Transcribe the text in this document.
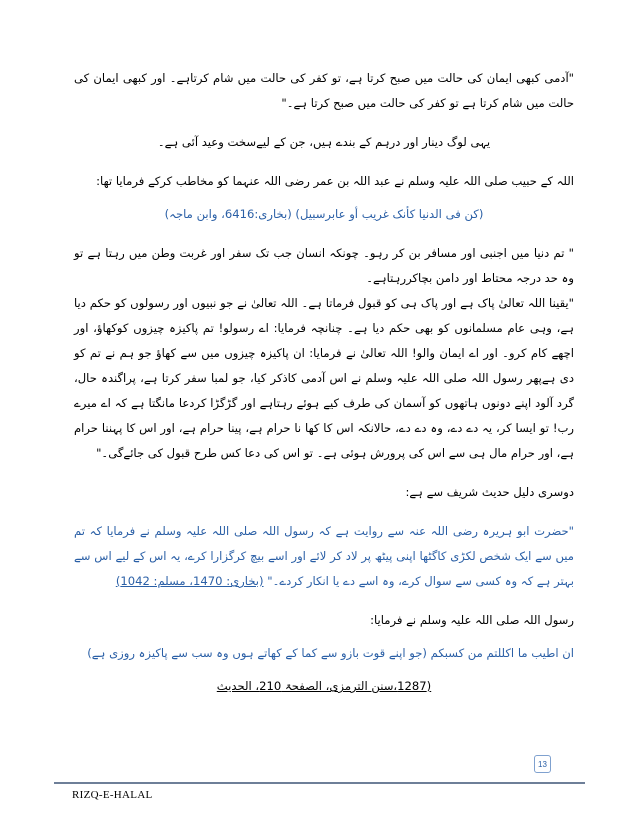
"آدمی کبھی ایمان کی حالت میں صبح کرتا ہے، تو کفر کی حالت میں شام کرتاہے۔ اور کبھی ایمان کی حالت میں شام کرتا ہے تو کفر کی حالت میں صبح کرتا ہے۔"

یہی لوگ دینار اور درہم کے بندے ہیں، جن کے لیےسخت وعید آئی ہے۔

اللہ کے حبیب صلی اللہ علیہ وسلم نے عبد اللہ بن عمر رضی اللہ عنہما کو مخاطب کرکے فرمایا تھا:

(کن فی الدنیا کأنک غریب أو عابرسبیل) (بخاری:6416، وابن ماجہ)

" تم دنیا میں اجنبی اور مسافر بن کر رہو۔ چونکہ انسان جب تک سفر اور غربت وطن میں رہتا ہے تو وہ حد درجہ محتاط اور دامن بچاکررہتاہے۔

"یقینا اللہ تعالیٰ پاک ہے اور پاک ہی کو قبول فرماتا ہے۔ اللہ تعالیٰ نے جو نبیوں اور رسولوں کو حکم دیا ہے، وہی عام مسلمانوں کو بھی حکم دیا ہے۔ چنانچہ فرمایا: اے رسولو! تم پاکیزہ چیزوں کوکھاؤ، اور اچھے کام کرو۔ اور اے ایمان والو! اللہ تعالیٰ نے فرمایا: ان پاکیزہ چیزوں میں سے کھاؤ جو ہم نے تم کو دی ہےپھر رسول اللہ صلی اللہ علیہ وسلم نے اس آدمی کاذکر کیا، جو لمبا سفر کرتا ہے، پراگندہ حال، گرد آلود اپنے دونوں ہاتھوں کو آسمان کی طرف کیے ہوئے رہتاہے اور گڑگڑا کردعا مانگتا ہے کہ اے میرے رب! تو ایسا کر، یہ دے دے، وہ دے دے، حالانکہ اس کا کھا نا حرام ہے، پینا حرام ہے، اور اس کا پہننا حرام ہے، اور حرام مال ہی سے اس کی پرورش ہوئی ہے۔ تو اس کی دعا کس طرح قبول کی جائےگی۔"

دوسری دلیل حدیث شریف سے ہے:

"حضرت ابو ہریرہ رضی اللہ عنہ سے روایت ہے کہ رسول اللہ صلی اللہ علیہ وسلم نے فرمایا کہ تم میں سے ایک شخص لکڑی کاگٹھا اپنی پیٹھ پر لاد کر لائے اور اسے بیچ کرگزارا کرے، یہ اس کے لیے اس سے بہتر ہے کہ وہ کسی سے سوال کرے، وہ اسے دے یا انکار کردے۔" (بخاری: 1470، مسلم: 1042)

رسول اللہ صلی اللہ علیہ وسلم نے فرمایا:

ان اطیب ما اکللتم من کسبکم (جو اپنے قوت بازو سے کما کے کھاتے ہوں وہ سب سے پاکیزہ روزی ہے)

(1287،سنن الترمزی، الصفحۃ 210، الحدیث

13
RIZQ-E-HALAL
